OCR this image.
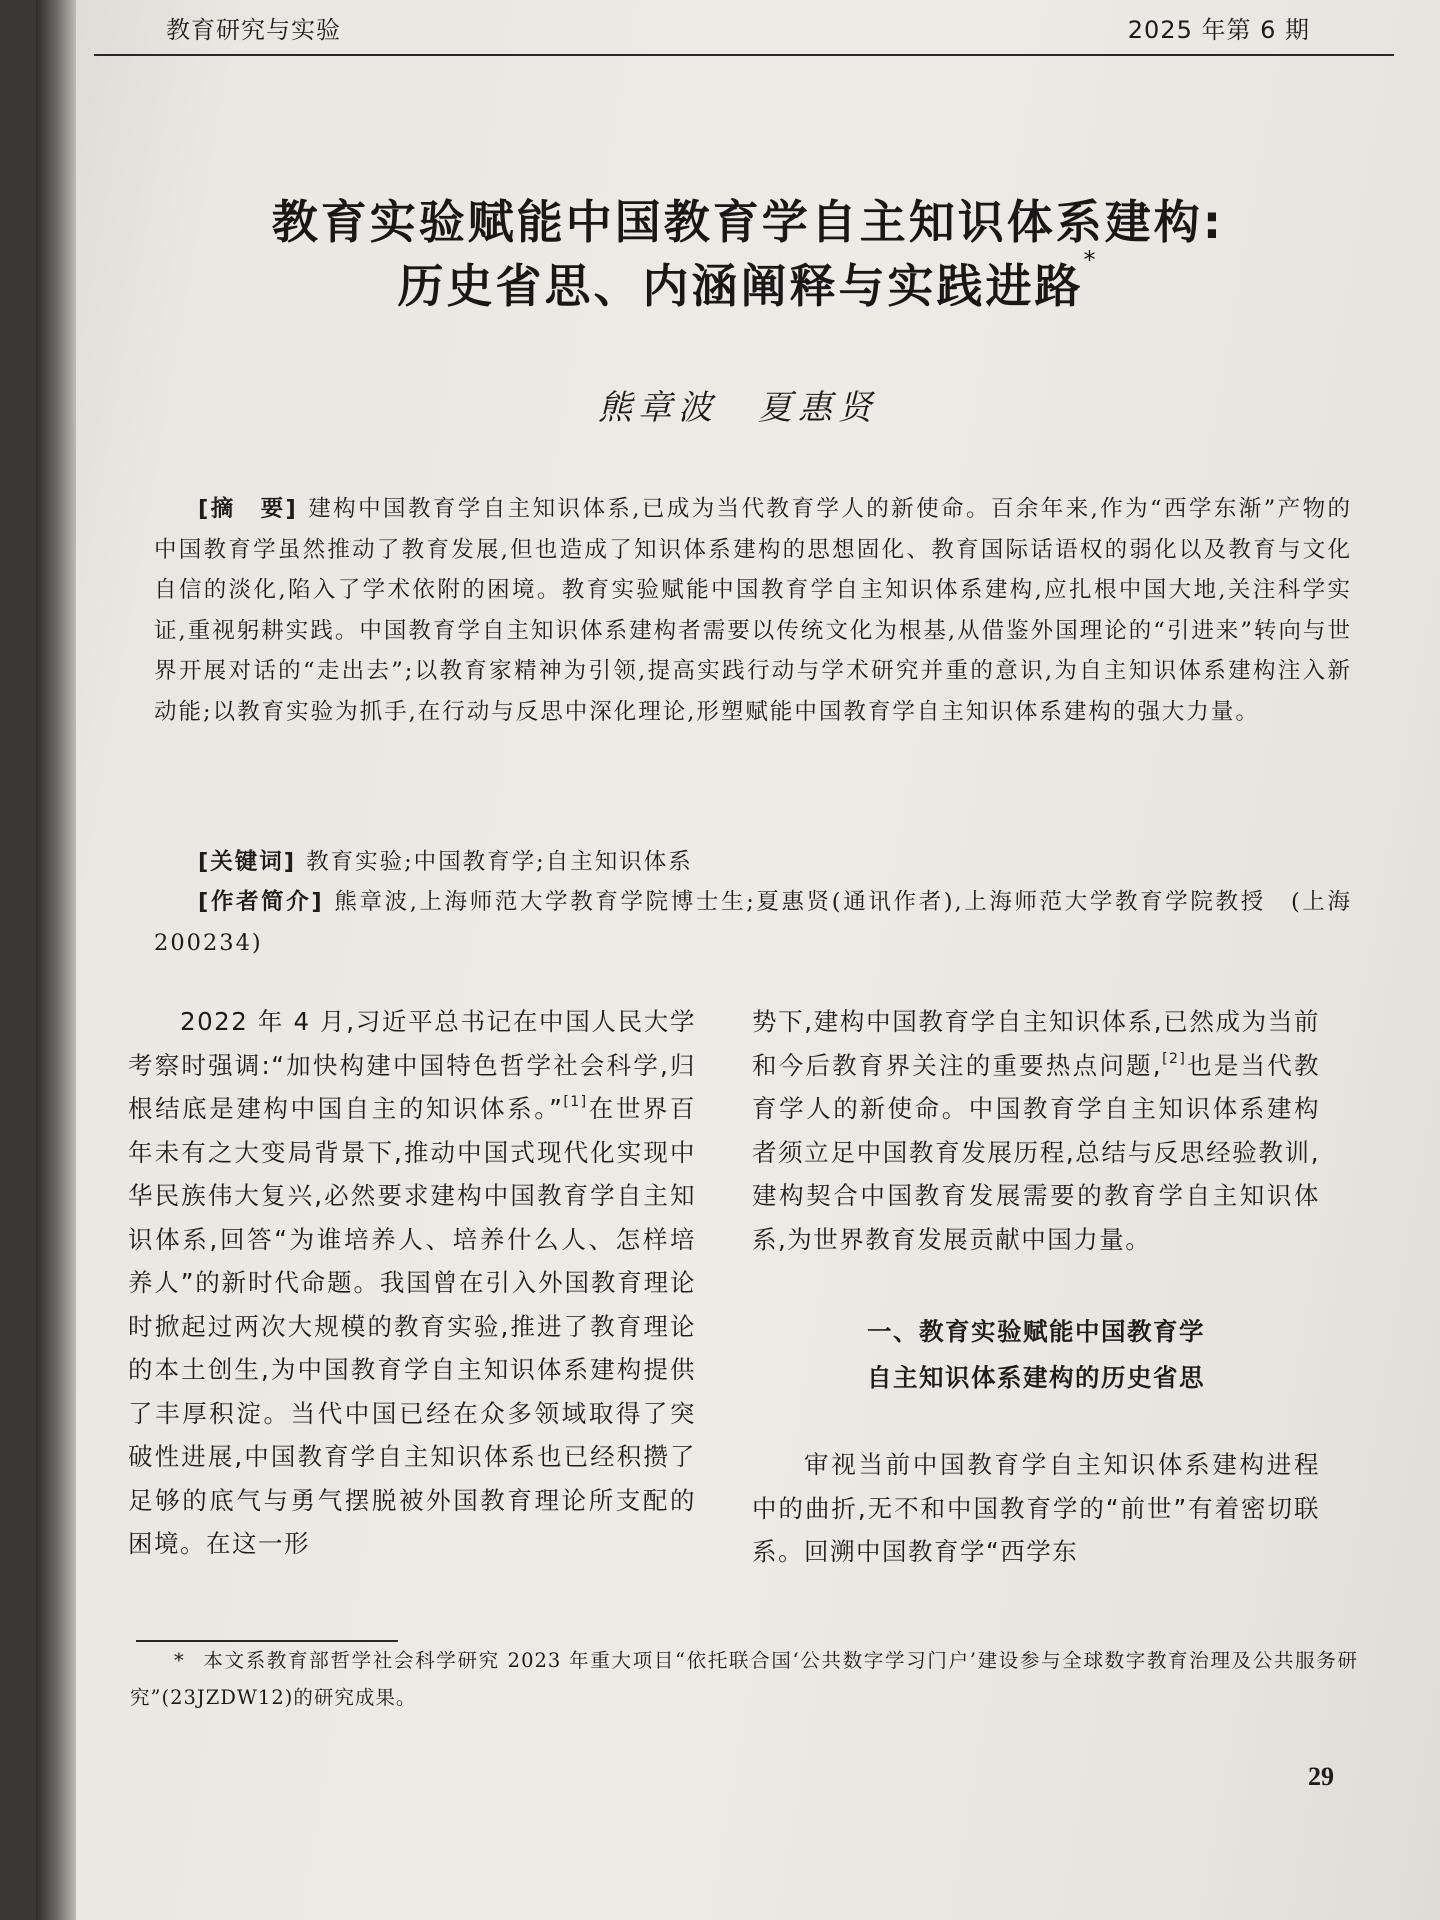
教育研究与实验	2025 年第 6 期
教育实验赋能中国教育学自主知识体系建构:
历史省思、内涵阐释与实践进路*
熊章波 夏惠贤
[摘　要] 建构中国教育学自主知识体系,已成为当代教育学人的新使命。百余年来,作为“西学东渐”产物的中国教育学虽然推动了教育发展,但也造成了知识体系建构的思想固化、教育国际话语权的弱化以及教育与文化自信的淡化,陷入了学术依附的困境。教育实验赋能中国教育学自主知识体系建构,应扎根中国大地,关注科学实证,重视躬耕实践。中国教育学自主知识体系建构者需要以传统文化为根基,从借鉴外国理论的“引进来”转向与世界开展对话的“走出去”;以教育家精神为引领,提高实践行动与学术研究并重的意识,为自主知识体系建构注入新动能;以教育实验为抓手,在行动与反思中深化理论,形塑赋能中国教育学自主知识体系建构的强大力量。
[关键词] 教育实验;中国教育学;自主知识体系
[作者简介] 熊章波,上海师范大学教育学院博士生;夏惠贤(通讯作者),上海师范大学教育学院教授　(上海　200234)

2022 年 4 月,习近平总书记在中国人民大学考察时强调:“加快构建中国特色哲学社会科学,归根结底是建构中国自主的知识体系。”[1]在世界百年未有之大变局背景下,推动中国式现代化实现中华民族伟大复兴,必然要求建构中国教育学自主知识体系,回答“为谁培养人、培养什么人、怎样培养人”的新时代命题。我国曾在引入外国教育理论时掀起过两次大规模的教育实验,推进了教育理论的本土创生,为中国教育学自主知识体系建构提供了丰厚积淀。当代中国已经在众多领域取得了突破性进展,中国教育学自主知识体系也已经积攒了足够的底气与勇气摆脱被外国教育理论所支配的困境。在这一形

势下,建构中国教育学自主知识体系,已然成为当前和今后教育界关注的重要热点问题,[2]也是当代教育学人的新使命。中国教育学自主知识体系建构者须立足中国教育发展历程,总结与反思经验教训,建构契合中国教育发展需要的教育学自主知识体系,为世界教育发展贡献中国力量。

一、教育实验赋能中国教育学
自主知识体系建构的历史省思

审视当前中国教育学自主知识体系建构进程中的曲折,无不和中国教育学的“前世”有着密切联系。回溯中国教育学“西学东

* 本文系教育部哲学社会科学研究 2023 年重大项目“依托联合国‘公共数字学习门户’建设参与全球数字教育治理及公共服务研究”(23JZDW12)的研究成果。
29
